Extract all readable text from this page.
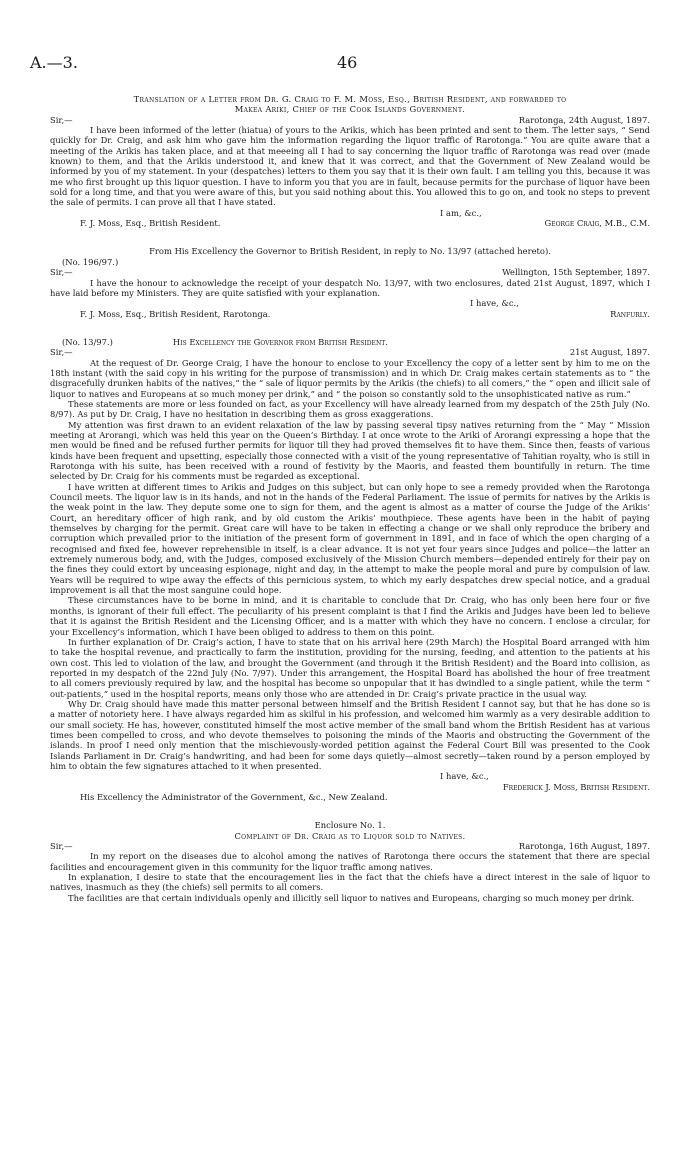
A.—3.	46
Translation of a Letter from Dr. G. Craig to F. M. Moss, Esq., British Resident, and forwarded to
Makea Ariki, Chief of the Cook Islands Government.
Sir,—	Rarotonga, 24th August, 1897.

I have been informed of the letter (hiatua) of yours to the Arikis, which has been printed and sent to them. The letter says, “ Send quickly for Dr. Craig, and ask him who gave him the information regarding the liquor traffic of Rarotonga.” You are quite aware that a meeting of the Arikis has taken place, and at that meeeing all I had to say concerning the liquor traffic of Rarotonga was read over (made known) to them, and that the Arikis understood it, and knew that it was correct, and that the Government of New Zealand would be informed by you of my statement. In your (despatches) letters to them you say that it is their own fault. I am telling you this, because it was me who first brought up this liquor question. I have to inform you that you are in fault, because permits for the purchase of liquor have been sold for a long time, and that you were aware of this, but you said nothing about this. You allowed this to go on, and took no steps to prevent the sale of permits. I can prove all that I have stated.

I am, &c.,
F. J. Moss, Esq., British Resident.	George Craig, M.B., C.M.
From His Excellency the Governor to British Resident, in reply to No. 13/97 (attached hereto).
(No. 196/97.)
Sir,—	Wellington, 15th September, 1897.

I have the honour to acknowledge the receipt of your despatch No. 13/97, with two enclosures, dated 21st August, 1897, which I have laid before my Ministers. They are quite satisfied with your explanation.

I have, &c.,
F. J. Moss, Esq., British Resident, Rarotonga.	Ranfurly.
(No. 13/97.)	His Excellency the Governor from British Resident.
Sir,—	21st August, 1897.

At the request of Dr. George Craig, I have the honour to enclose to your Excellency the copy of a letter sent by him to me on the 18th instant (with the said copy in his writing for the purpose of transmission) and in which Dr. Craig makes certain statements as to “ the disgracefully drunken habits of the natives,” the “ sale of liquor permits by the Arikis (the chiefs) to all comers,” the “ open and illicit sale of liquor to natives and Europeans at so much money per drink,” and “ the poison so constantly sold to the unsophisticated native as rum.”

These statements are more or less founded on fact, as your Excellency will have already learned from my despatch of the 25th July (No. 8/97). As put by Dr. Craig, I have no hesitation in describing them as gross exaggerations.

My attention was first drawn to an evident relaxation of the law by passing several tipsy natives returning from the “ May ” Mission meeting at Arorangi, which was held this year on the Queen’s Birthday. I at once wrote to the Ariki of Arorangi expressing a hope that the men would be fined and be refused further permits for liquor till they had proved themselves fit to have them. Since then, feasts of various kinds have been frequent and upsetting, especially those connected with a visit of the young representative of Tahitian royalty, who is still in Rarotonga with his suite, has been received with a round of festivity by the Maoris, and feasted them bountifully in return. The time selected by Dr. Craig for his comments must be regarded as exceptional.

I have written at different times to Arikis and Judges on this subject, but can only hope to see a remedy provided when the Rarotonga Council meets. The liquor law is in its hands, and not in the hands of the Federal Parliament. The issue of permits for natives by the Arikis is the weak point in the law. They depute some one to sign for them, and the agent is almost as a matter of course the Judge of the Arikis’ Court, an hereditary officer of high rank, and by old custom the Arikis’ mouthpiece. These agents have been in the habit of paying themselves by charging for the permit. Great care will have to be taken in effecting a change or we shall only reproduce the bribery and corruption which prevailed prior to the initiation of the present form of government in 1891, and in face of which the open charging of a recognised and fixed fee, however reprehensible in itself, is a clear advance. It is not yet four years since Judges and police—the latter an extremely numerous body, and, with the Judges, composed exclusively of the Mission Church members—depended entirely for their pay on the fines they could extort by unceasing espionage, night and day, in the attempt to make the people moral and pure by compulsion of law. Years will be required to wipe away the effects of this pernicious system, to which my early despatches drew special notice, and a gradual improvement is all that the most sanguine could hope.

These circumstances have to be borne in mind, and it is charitable to conclude that Dr. Craig, who has only been here four or five months, is ignorant of their full effect. The peculiarity of his present complaint is that I find the Arikis and Judges have been led to believe that it is against the British Resident and the Licensing Officer, and is a matter with which they have no concern. I enclose a circular, for your Excellency’s information, which I have been obliged to address to them on this point.

In further explanation of Dr. Craig’s action, I have to state that on his arrival here (29th March) the Hospital Board arranged with him to take the hospital revenue, and practically to farm the institution, providing for the nursing, feeding, and attention to the patients at his own cost. This led to violation of the law, and brought the Government (and through it the British Resident) and the Board into collision, as reported in my despatch of the 22nd July (No. 7/97). Under this arrangement, the Hospital Board has abolished the hour of free treatment to all comers previously required by law, and the hospital has become so unpopular that it has dwindled to a single patient, while the term “ out-patients,” used in the hospital reports, means only those who are attended in Dr. Craig’s private practice in the usual way.

Why Dr. Craig should have made this matter personal between himself and the British Resident I cannot say, but that he has done so is a matter of notoriety here. I have always regarded him as skilful in his profession, and welcomed him warmly as a very desirable addition to our small society. He has, however, constituted himself the most active member of the small band whom the British Resident has at various times been compelled to cross, and who devote themselves to poisoning the minds of the Maoris and obstructing the Government of the islands. In proof I need only mention that the mischievously-worded petition against the Federal Court Bill was presented to the Cook Islands Parliament in Dr. Craig’s handwriting, and had been for some days quietly—almost secretly—taken round by a person employed by him to obtain the few signatures attached to it when presented.

I have, &c.,
Frederick J. Moss, British Resident.
His Excellency the Administrator of the Government, &c., New Zealand.
Enclosure No. 1.
Complaint of Dr. Craig as to Liquor sold to Natives.
Sir,—	Rarotonga, 16th August, 1897.

In my report on the diseases due to alcohol among the natives of Rarotonga there occurs the statement that there are special facilities and encouragement given in this community for the liquor traffic among natives.

In explanation, I desire to state that the encouragement lies in the fact that the chiefs have a direct interest in the sale of liquor to natives, inasmuch as they (the chiefs) sell permits to all comers.

The facilities are that certain individuals openly and illicitly sell liquor to natives and Europeans, charging so much money per drink.
